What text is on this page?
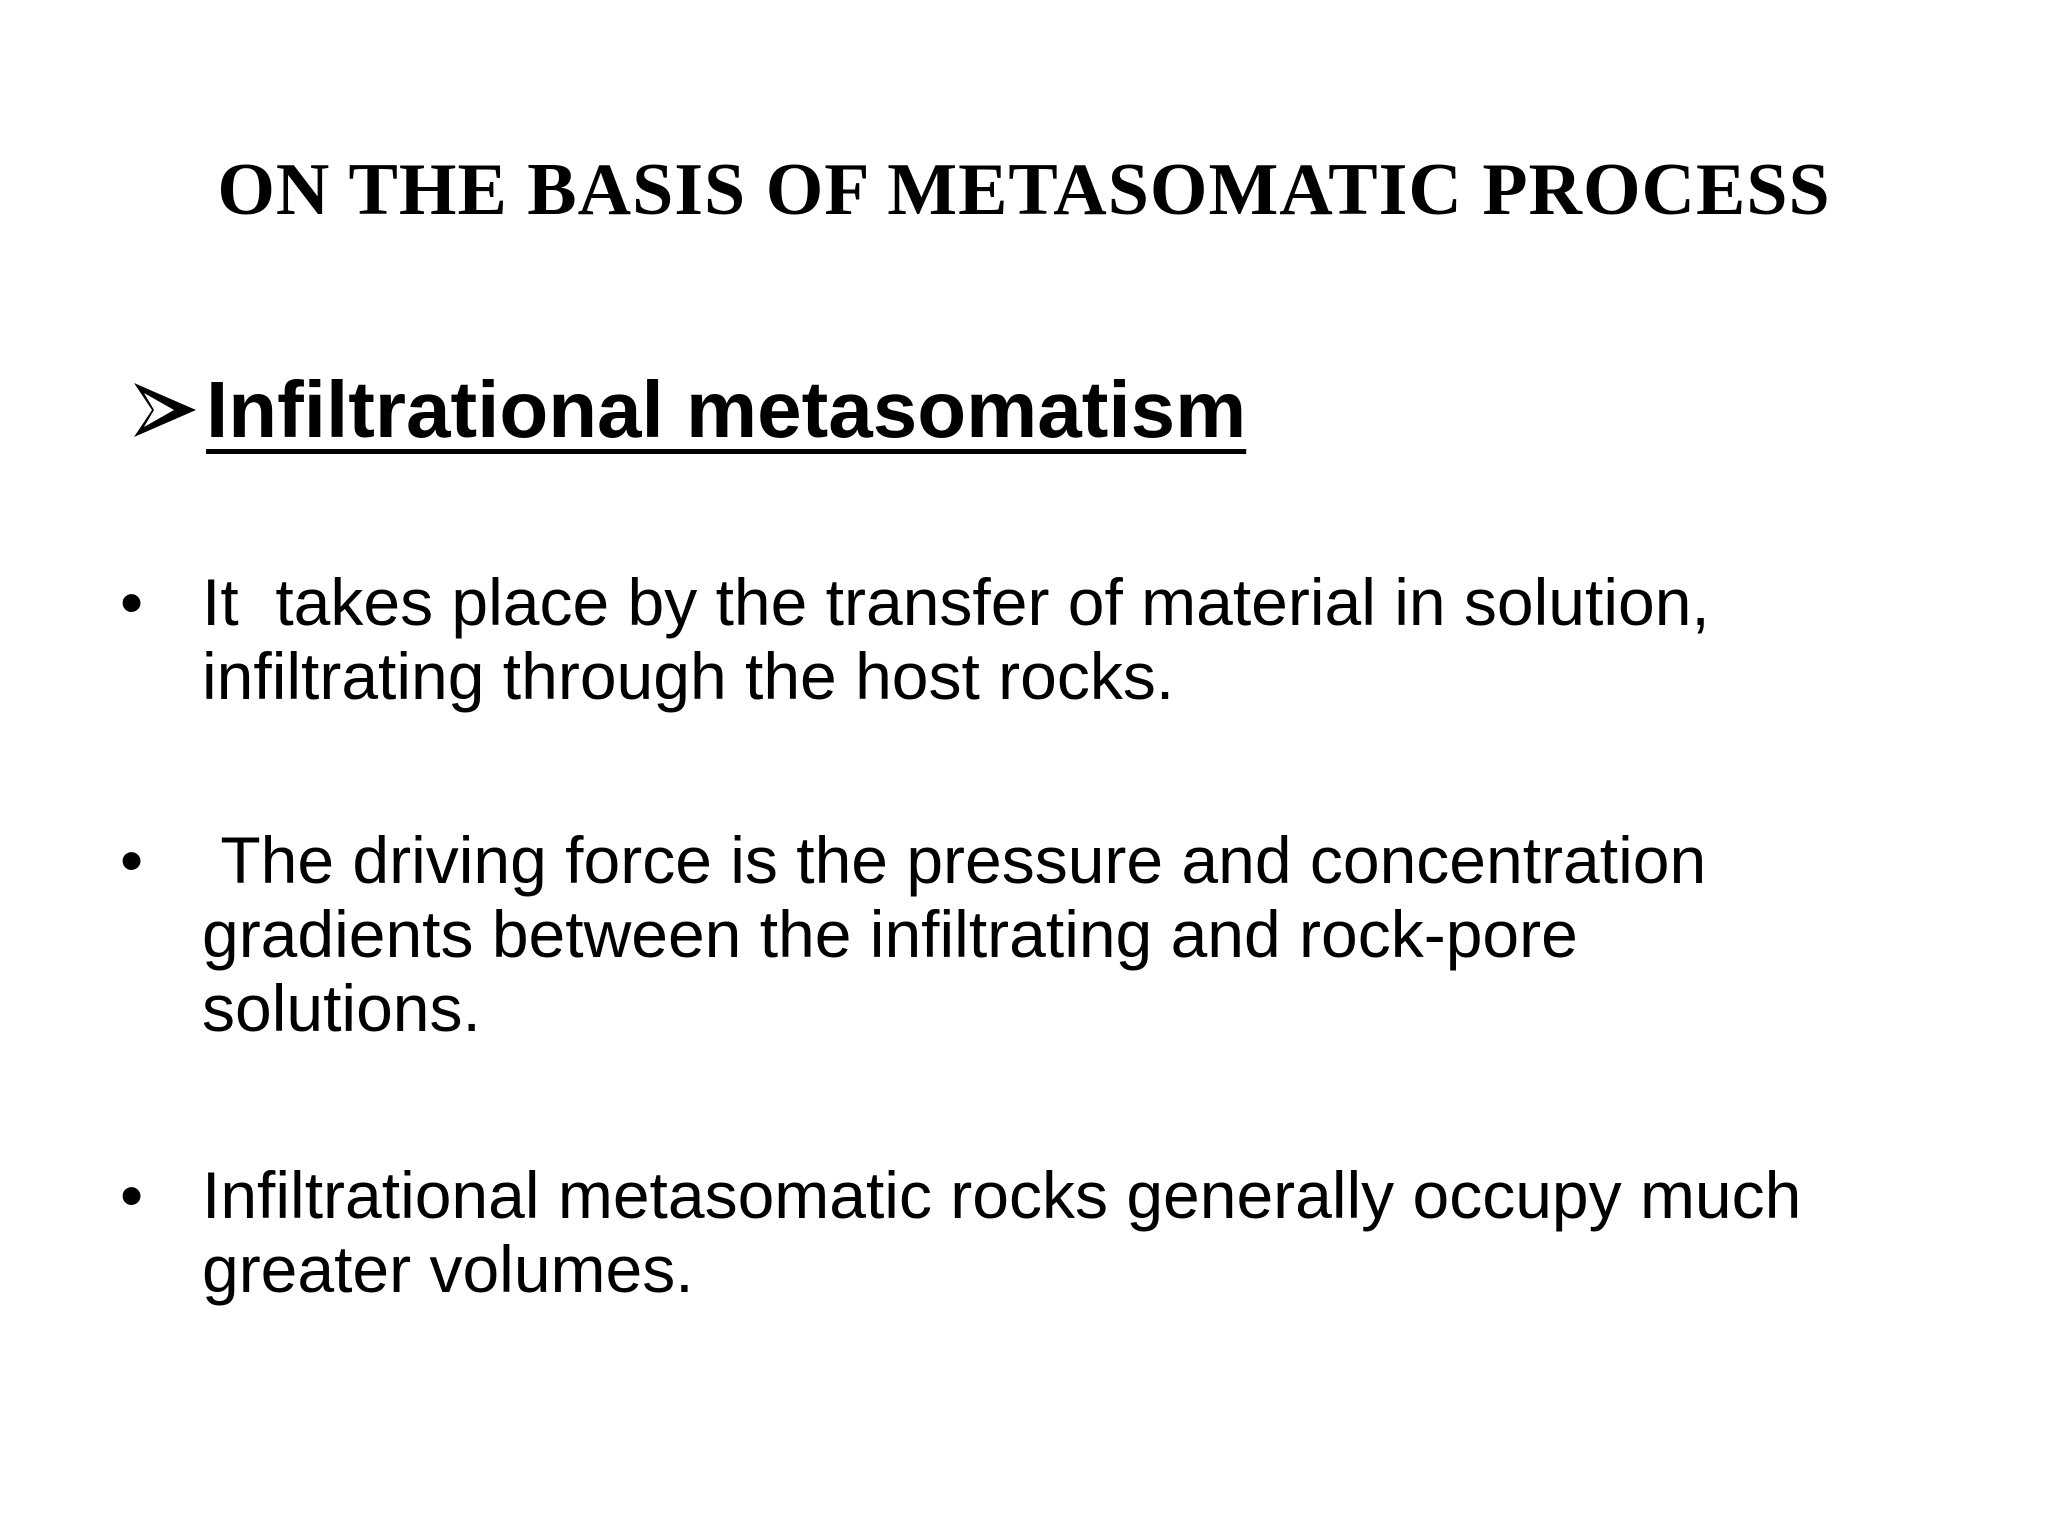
ON THE BASIS OF METASOMATIC PROCESS
Infiltrational metasomatism
• It  takes place by the transfer of material in solution,
infiltrating through the host rocks.
• The driving force is the pressure and concentration
gradients between the infiltrating and rock-pore
solutions.
• Infiltrational metasomatic rocks generally occupy much
greater volumes.
